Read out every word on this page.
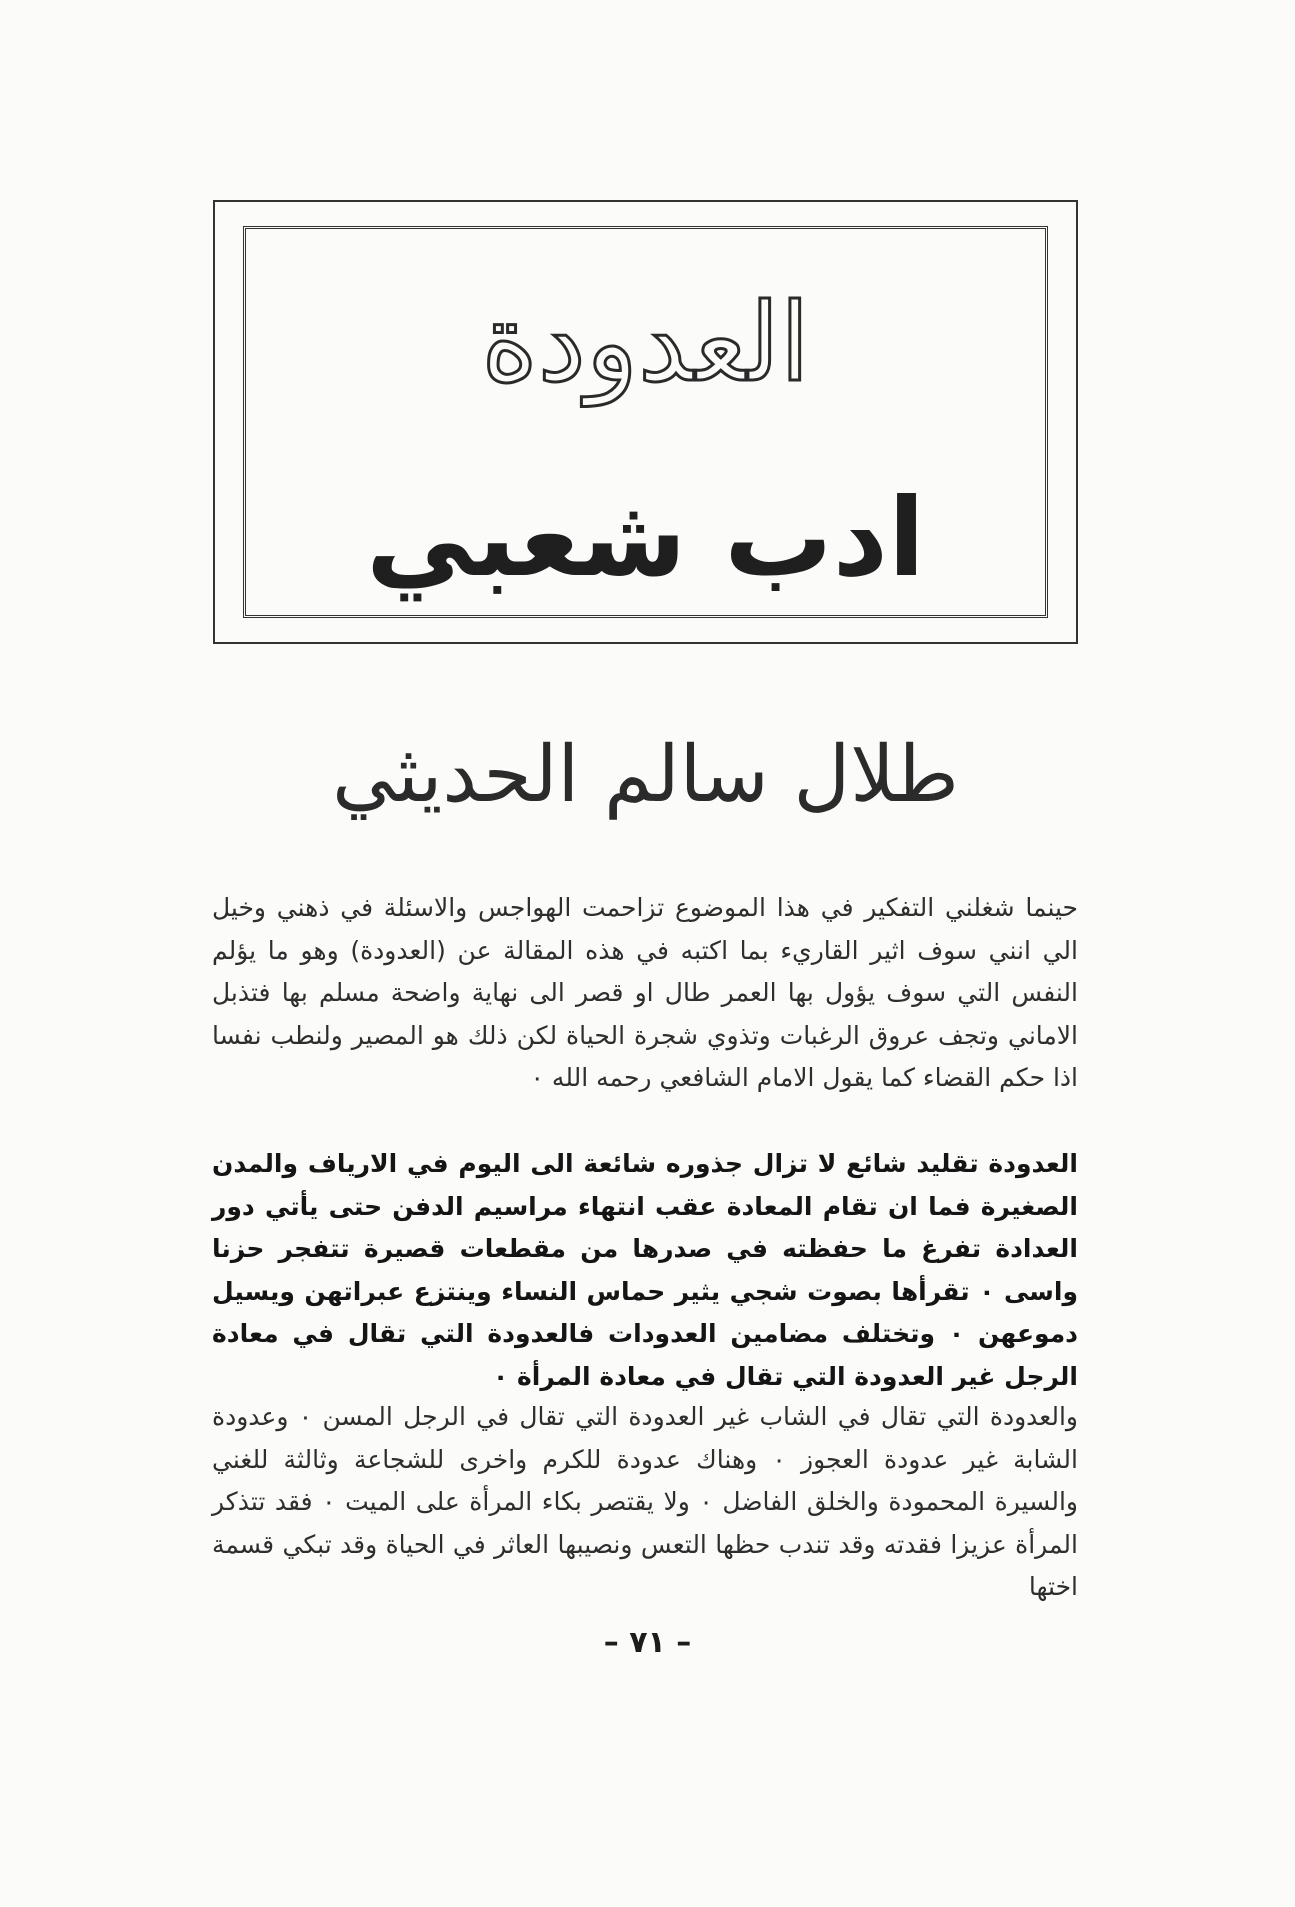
العدودة
ادب شعبي
طلال سالم الحديثي
حينما شغلني التفكير في هذا الموضوع تزاحمت الهواجس والاسئلة في ذهني وخيل الي انني سوف اثير القاريء بما اكتبه في هذه المقالة عن (العدودة) وهو ما يؤلم النفس التي سوف يؤول بها العمر طال او قصر الى نهاية واضحة مسلم بها فتذبل الاماني وتجف عروق الرغبات وتذوي شجرة الحياة لكن ذلك هو المصير ولنطب نفسا اذا حكم القضاء كما يقول الامام الشافعي رحمه الله ٠
العدودة تقليد شائع لا تزال جذوره شائعة الى اليوم في الارياف والمدن الصغيرة فما ان تقام المعادة عقب انتهاء مراسيم الدفن حتى يأتي دور العدادة تفرغ ما حفظته في صدرها من مقطعات قصيرة تتفجر حزنا واسى ٠ تقرأها بصوت شجي يثير حماس النساء وينتزع عبراتهن ويسيل دموعهن ٠ وتختلف مضامين العدودات فالعدودة التي تقال في معادة الرجل غير العدودة التي تقال في معادة المرأة ٠
والعدودة التي تقال في الشاب غير العدودة التي تقال في الرجل المسن ٠ وعدودة الشابة غير عدودة العجوز ٠ وهناك عدودة للكرم واخرى للشجاعة وثالثة للغني والسيرة المحمودة والخلق الفاضل ٠ ولا يقتصر بكاء المرأة على الميت ٠ فقد تتذكر المرأة عزيزا فقدته وقد تندب حظها التعس ونصيبها العاثر في الحياة وقد تبكي قسمة اختها
– ٧١ –
